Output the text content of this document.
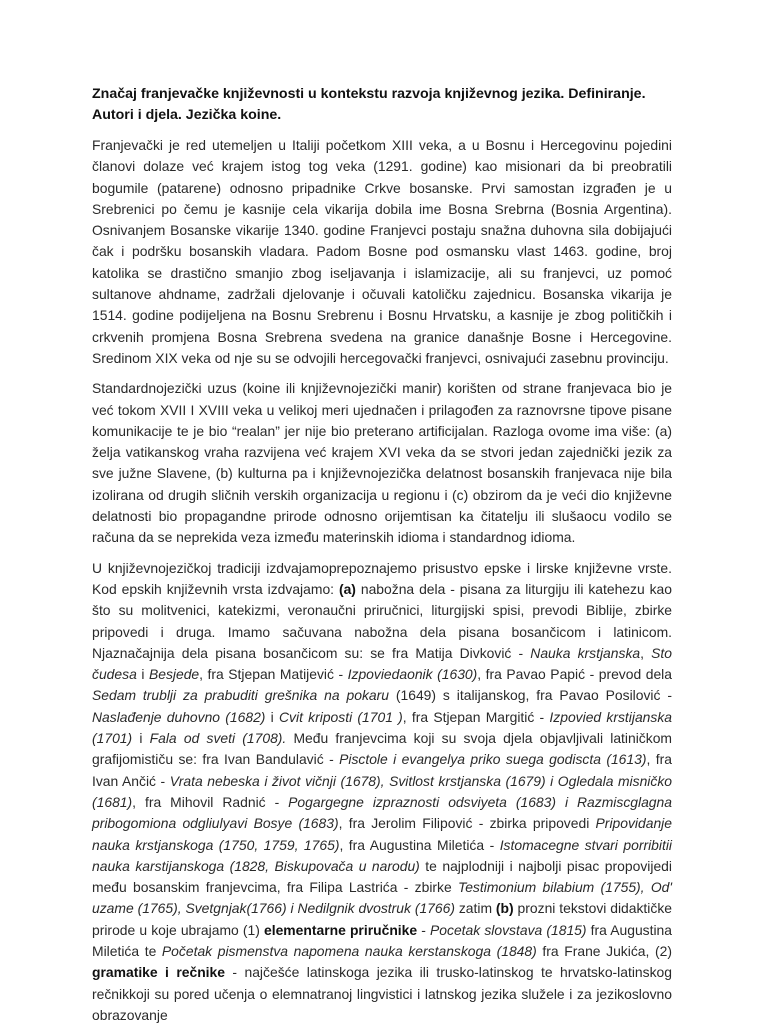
Značaj franjevačke književnosti u kontekstu razvoja književnog jezika. Definiranje. Autori i djela. Jezička koine.
Franjevački je red utemeljen u Italiji početkom XIII veka, a u Bosnu i Hercegovinu pojedini članovi dolaze već krajem istog tog veka (1291. godine) kao misionari da bi preobratili bogumile (patarene) odnosno pripadnike Crkve bosanske. Prvi samostan izgrađen je u Srebrenici po čemu je kasnije cela vikarija dobila ime Bosna Srebrna (Bosnia Argentina). Osnivanjem Bosanske vikarije 1340. godine Franjevci postaju snažna duhovna sila dobijajući čak i podršku bosanskih vladara. Padom Bosne pod osmansku vlast 1463. godine, broj katolika se drastično smanjio zbog iseljavanja i islamizacije, ali su franjevci, uz pomoć sultanove ahdname, zadržali djelovanje i očuvali katoličku zajednicu. Bosanska vikarija je 1514. godine podijeljena na Bosnu Srebrenu i Bosnu Hrvatsku, a kasnije je zbog političkih i crkvenih promjena Bosna Srebrena svedena na granice današnje Bosne i Hercegovine. Sredinom XIX veka od nje su se odvojili hercegovački franjevci, osnivajući zasebnu provinciju.
Standardnojezički uzus (koine ili književnojezički manir) korišten od strane franjevaca bio je već tokom XVII I XVIII veka u velikoj meri ujednačen i prilagođen za raznovrsne tipove pisane komunikacije te je bio “realan” jer nije bio preterano artificijalan. Razloga ovome ima više: (a) želja vatikanskog vraha razvijena već krajem XVI veka da se stvori jedan zajednički jezik za sve južne Slavene, (b) kulturna pa i književnojezička delatnost bosanskih franjevaca nije bila izolirana od drugih sličnih verskih organizacija u regionu i (c) obzirom da je veći dio književne delatnosti bio propagandne prirode odnosno orijemtisan ka čitatelju ili slušaocu vodilo se računa da se neprekida veza između materinskih idioma i standardnog idioma.
U književnojezičkoj tradiciji izdvajamoprepoznajemo prisustvo epske i lirske književne vrste. Kod epskih književnih vrsta izdvajamo: (a) nabožna dela - pisana za liturgiju ili katehezu kao što su molitvenici, katekizmi, veronaučni priručnici, liturgijski spisi, prevodi Biblije, zbirke pripovedi i druga. Imamo sačuvana nabožna dela pisana bosančicom i latinicom. Njaznačajnija dela pisana bosančicom su: se fra Matija Divković - Nauka krstjanska, Sto čudesa i Besjede, fra Stjepan Matijević - Izpoviedaonik (1630), fra Pavao Papić - prevod dela Sedam trublji za prabuditi grešnika na pokaru (1649) s italijanskog, fra Pavao Posilović - Naslađenje duhovno (1682) i Cvit kriposti (1701 ), fra Stjepan Margitić - Izpovied krstijanska (1701) i Fala od sveti (1708). Među franjevcima koji su svoja djela objavljivali latiničkom grafijomističu se: fra Ivan Bandulavić - Pisctole i evangelya priko suega godiscta (1613), fra Ivan Ančić - Vrata nebeska i život vičnji (1678), Svitlost krstjanska (1679) i Ogledala misničko (1681), fra Mihovil Radnić - Pogargegne izpraznosti odsviyeta (1683) i Razmiscglagna pribogomiona odgliulyavi Bosye (1683), fra Jerolim Filipović - zbirka pripovedi Pripovidanje nauka krstjanskoga (1750, 1759, 1765), fra Augustina Miletića - Istomacegne stvari porribitii nauka karstijanskoga (1828, Biskupovača u narodu) te najplodniji i najbolji pisac propovijedi među bosanskim franjevcima, fra Filipa Lastrića - zbirke Testimonium bilabium (1755), Od' uzame (1765), Svetgnjak(1766) i Nedilgnik dvostruk (1766) zatim (b) prozni tekstovi didaktičke prirode u koje ubrajamo (1) elementarne priručnike - Pocetak slovstava (1815) fra Augustina Miletića te Početak pismenstva napomena nauka kerstanskoga (1848) fra Frane Jukića, (2) gramatike i rečnike - najčešće latinskoga jezika ili trusko-latinskog te hrvatsko-latinskog rečnikkoji su pored učenja o elemnatranoj lingvistici i latnskog jezika služele i za jezikoslovno obrazovanje
